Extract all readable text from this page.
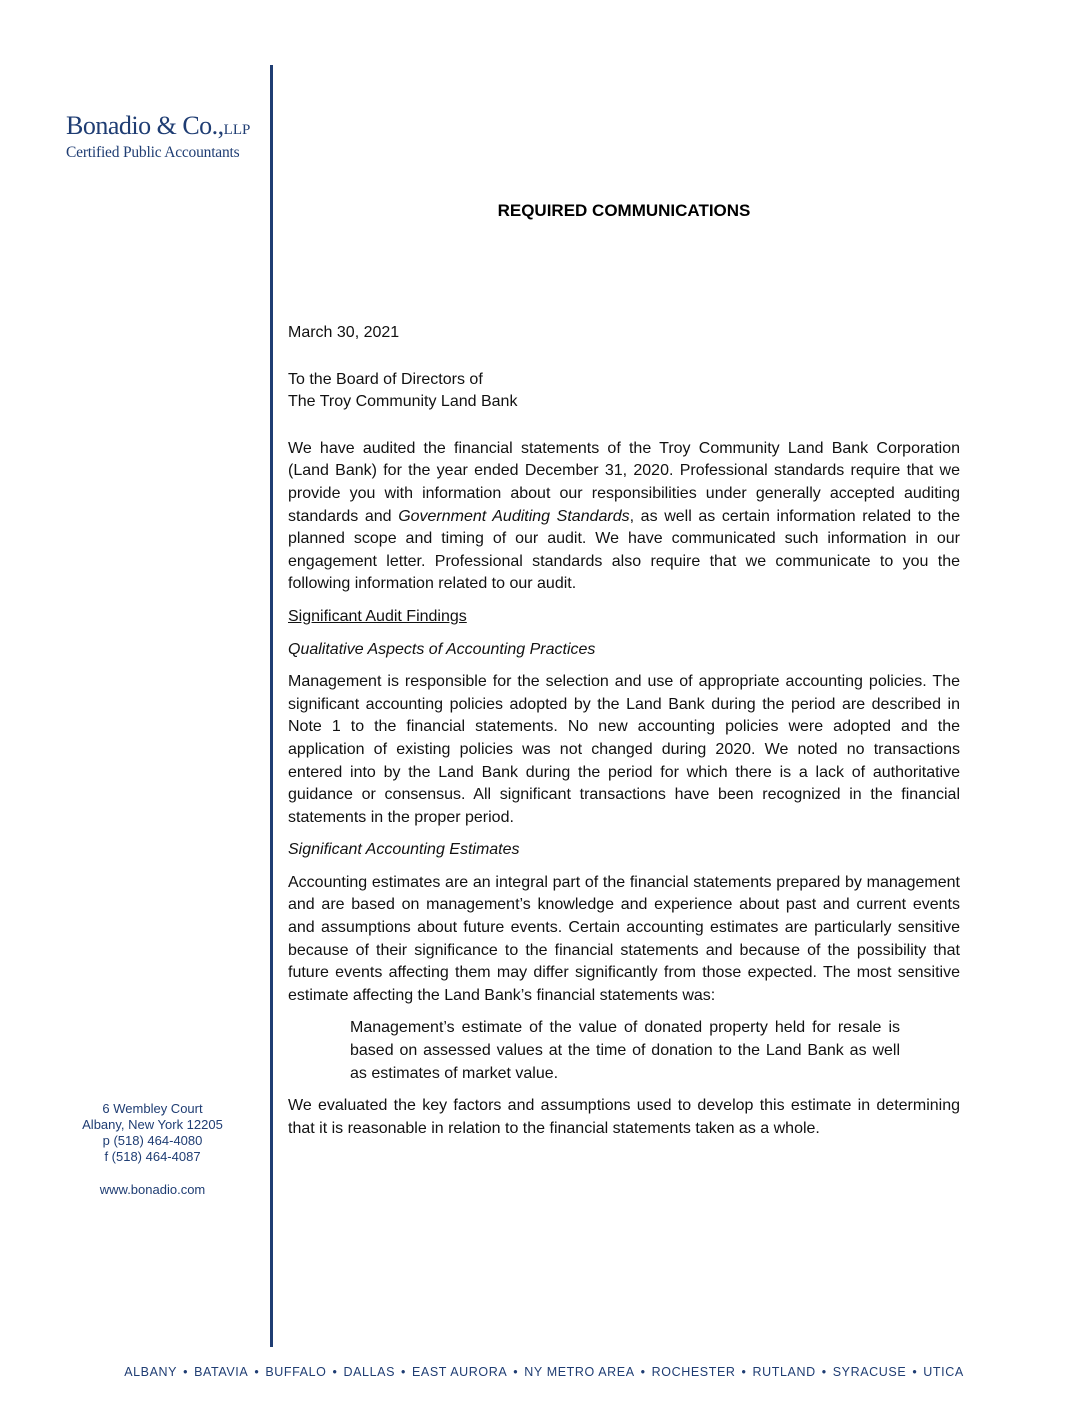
Bonadio & Co.,LLP
Certified Public Accountants
REQUIRED COMMUNICATIONS

March 30, 2021

To the Board of Directors of

The Troy Community Land Bank

We have audited the financial statements of the Troy Community Land Bank Corporation (Land Bank) for the year ended December 31, 2020. Professional standards require that we provide you with information about our responsibilities under generally accepted auditing standards and Government Auditing Standards, as well as certain information related to the planned scope and timing of our audit. We have communicated such information in our engagement letter. Professional standards also require that we communicate to you the following information related to our audit.

Significant Audit Findings

Qualitative Aspects of Accounting Practices

Management is responsible for the selection and use of appropriate accounting policies. The significant accounting policies adopted by the Land Bank during the period are described in Note 1 to the financial statements. No new accounting policies were adopted and the application of existing policies was not changed during 2020. We noted no transactions entered into by the Land Bank during the period for which there is a lack of authoritative guidance or consensus. All significant transactions have been recognized in the financial statements in the proper period.

Significant Accounting Estimates

Accounting estimates are an integral part of the financial statements prepared by management and are based on management’s knowledge and experience about past and current events and assumptions about future events. Certain accounting estimates are particularly sensitive because of their significance to the financial statements and because of the possibility that future events affecting them may differ significantly from those expected. The most sensitive estimate affecting the Land Bank’s financial statements was:

Management’s estimate of the value of donated property held for resale is based on assessed values at the time of donation to the Land Bank as well as estimates of market value.

We evaluated the key factors and assumptions used to develop this estimate in determining that it is reasonable in relation to the financial statements taken as a whole.

6 Wembley Court
Albany, New York 12205
p (518) 464-4080
f (518) 464-4087
www.bonadio.com
ALBANY • BATAVIA • BUFFALO • DALLAS • EAST AURORA • NY METRO AREA • ROCHESTER • RUTLAND • SYRACUSE • UTICA
